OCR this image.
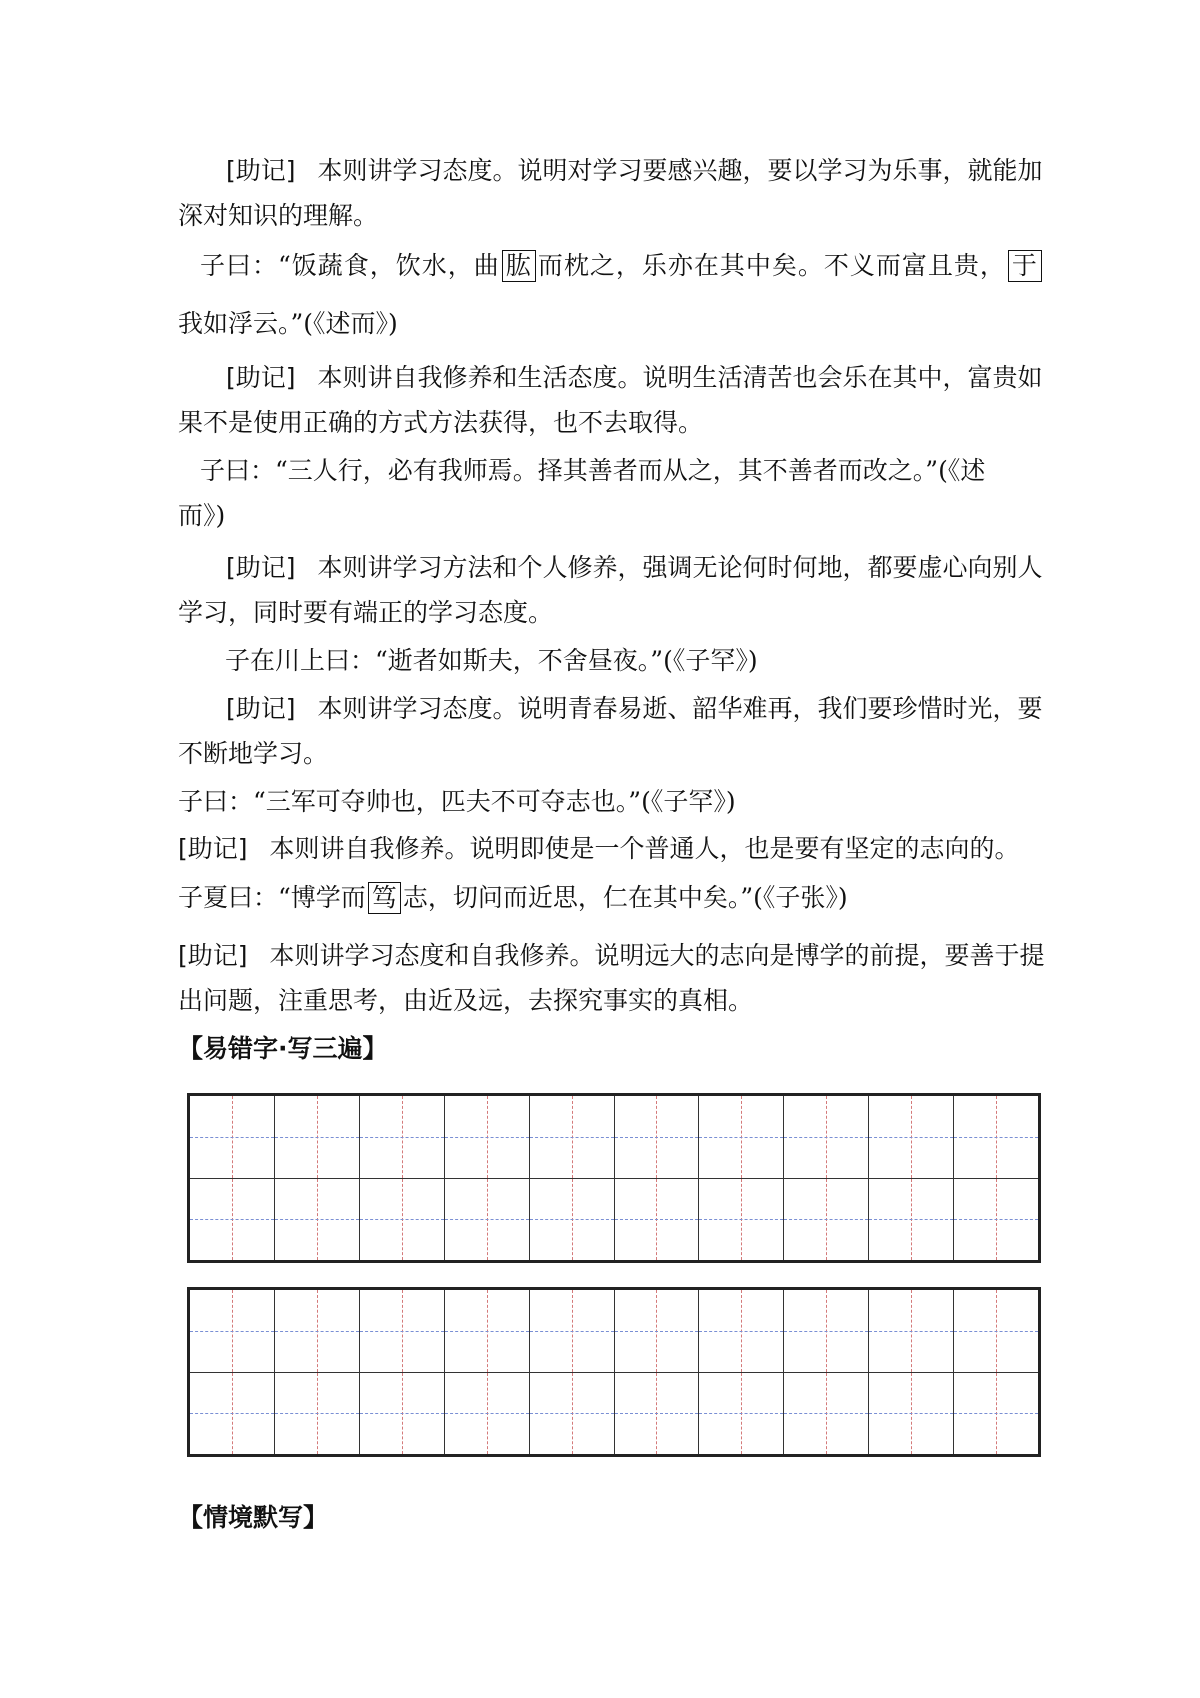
[助记] 本则讲学习态度。说明对学习要感兴趣，要以学习为乐事，就能加
深对知识的理解。
子曰：“饭蔬食，饮水，曲 肱 而枕之，乐亦在其中矣。不义而富且贵， 于
我如浮云。”(《述而》)
[助记] 本则讲自我修养和生活态度。说明生活清苦也会乐在其中，富贵如
果不是使用正确的方式方法获得，也不去取得。
子曰：“三人行，必有我师焉。择其善者而从之，其不善者而改之。”(《述
而》)
[助记] 本则讲学习方法和个人修养，强调无论何时何地，都要虚心向别人
学习，同时要有端正的学习态度。
子在川上曰：“逝者如斯夫，不舍昼夜。”(《子罕》)
[助记] 本则讲学习态度。说明青春易逝、韶华难再，我们要珍惜时光，要
不断地学习。
子曰：“三军可夺帅也，匹夫不可夺志也。”(《子罕》)
[助记] 本则讲自我修养。说明即使是一个普通人，也是要有坚定的志向的。
子夏曰：“博学而 笃 志，切问而近思，仁在其中矣。”(《子张》)
[助记] 本则讲学习态度和自我修养。说明远大的志向是博学的前提，要善于提
出问题，注重思考，由近及远，去探究事实的真相。
【易错字·写三遍】
【情境默写】
